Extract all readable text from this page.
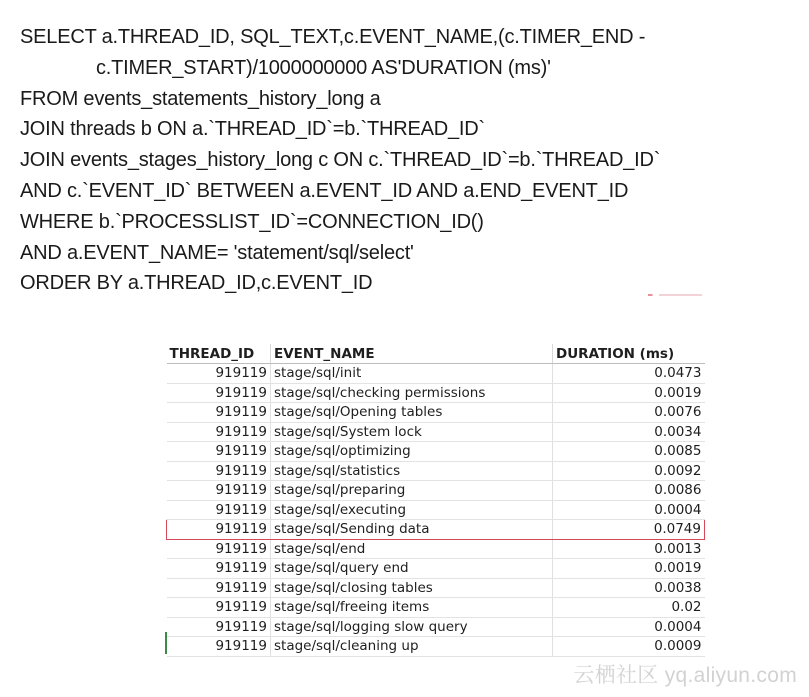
SELECT a.THREAD_ID, SQL_TEXT,c.EVENT_NAME,(c.TIMER_END -
c.TIMER_START)/1000000000 AS'DURATION (ms)'
FROM events_statements_history_long a
JOIN threads b ON a.`THREAD_ID`=b.`THREAD_ID`
JOIN events_stages_history_long c ON c.`THREAD_ID`=b.`THREAD_ID`
AND c.`EVENT_ID` BETWEEN a.EVENT_ID AND a.END_EVENT_ID
WHERE b.`PROCESSLIST_ID`=CONNECTION_ID()
AND a.EVENT_NAME= 'statement/sql/select'
ORDER BY a.THREAD_ID,c.EVENT_ID
THREAD_ID	EVENT_NAME	DURATION (ms)
919119	stage/sql/init	0.0473
919119	stage/sql/checking permissions	0.0019
919119	stage/sql/Opening tables	0.0076
919119	stage/sql/System lock	0.0034
919119	stage/sql/optimizing	0.0085
919119	stage/sql/statistics	0.0092
919119	stage/sql/preparing	0.0086
919119	stage/sql/executing	0.0004
919119	stage/sql/Sending data	0.0749
919119	stage/sql/end	0.0013
919119	stage/sql/query end	0.0019
919119	stage/sql/closing tables	0.0038
919119	stage/sql/freeing items	0.02
919119	stage/sql/logging slow query	0.0004
919119	stage/sql/cleaning up	0.0009
云栖社区 yq.aliyun.com
